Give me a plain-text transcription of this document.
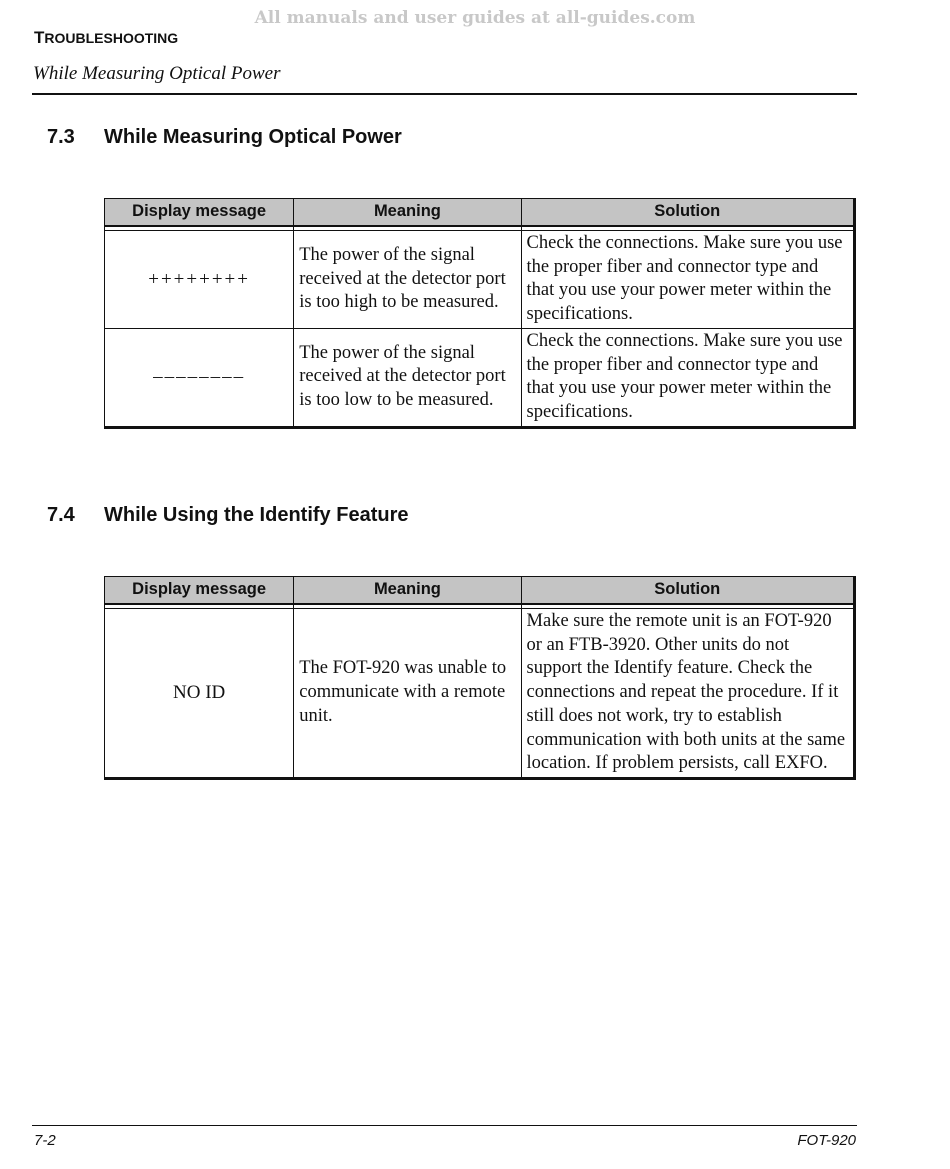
All manuals and user guides at all-guides.com
TROUBLESHOOTING
While Measuring Optical Power
7.3 While Measuring Optical Power
Display message	Meaning	Solution

++++++++	The power of the signal received at the detector port is too high to be measured.	Check the connections. Make sure you use the proper fiber and connector type and that you use your power meter within the specifications.
––––––––	The power of the signal received at the detector port is too low to be measured.	Check the connections. Make sure you use the proper fiber and connector type and that you use your power meter within the specifications.
7.4 While Using the Identify Feature
Display message	Meaning	Solution

NO ID	The FOT-920 was unable to communicate with a remote unit.	Make sure the remote unit is an FOT-920 or an FTB-3920. Other units do not support the Identify feature. Check the connections and repeat the procedure. If it still does not work, try to establish communication with both units at the same location. If problem persists, call EXFO.
7-2	FOT-920
